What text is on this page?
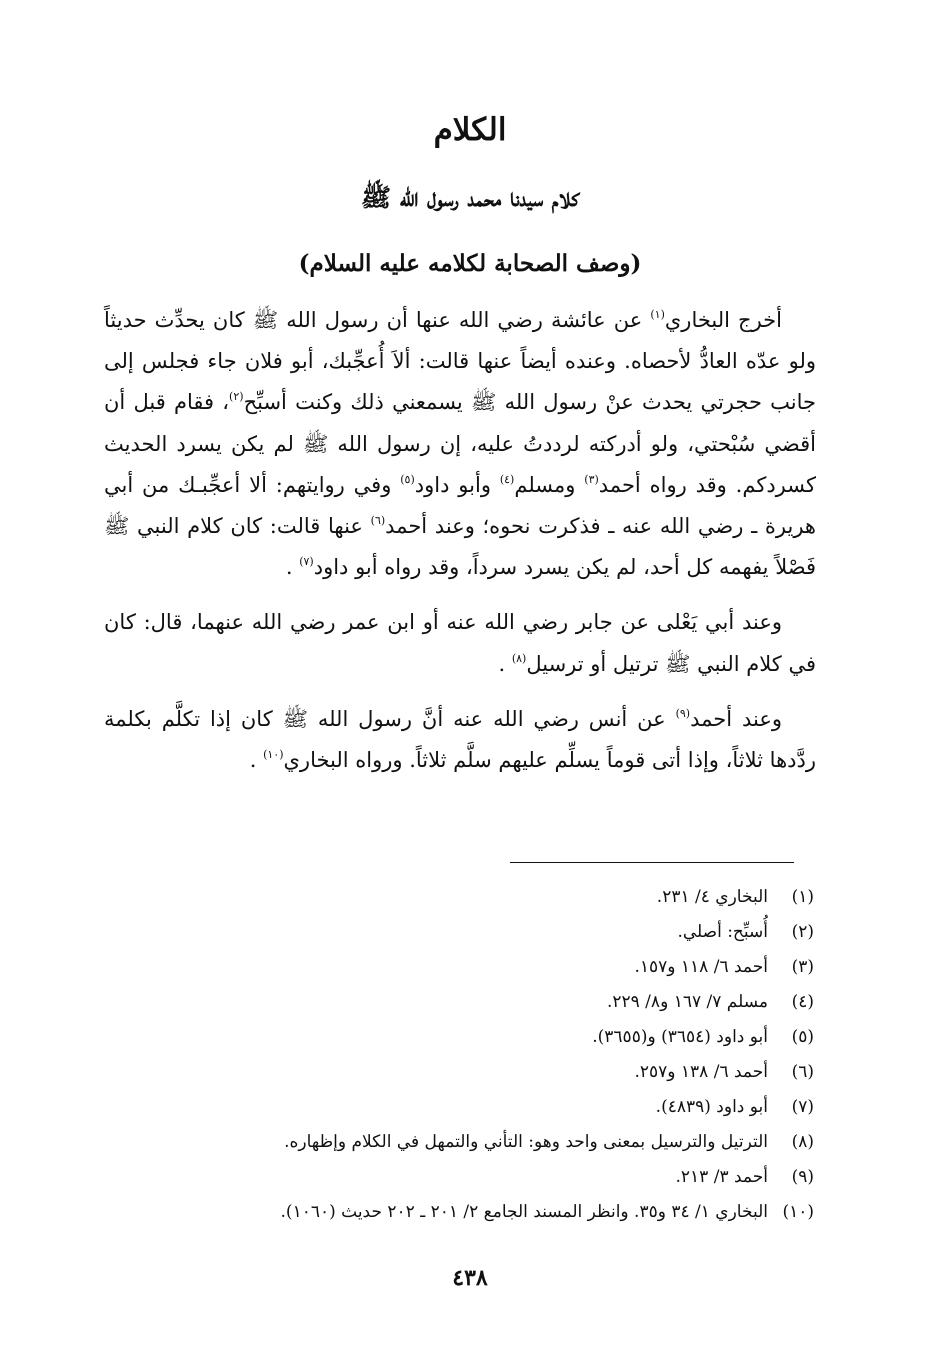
الكلام
كلام سيدنا محمد رسول الله ﷺ
(وصف الصحابة لكلامه عليه السلام)

أخرج البخاري$^{(١)}$ عن عائشة رضي الله عنها أن رسول الله ﷺ كان يحدِّث حديثاً ولو عدّه العادُّ لأحصاه. وعنده أيضاً عنها قالت: ألاَ أُعجِّبك، أبو فلان جاء فجلس إلى جانب حجرتي يحدث عنْ رسول الله ﷺ يسمعني ذلك وكنت أسبِّح$^{(٢)}$، فقام قبل أن أقضي سُبْحتي، ولو أدركته لرددتُ عليه، إن رسول الله ﷺ لم يكن يسرد الحديث كسردكم. وقد رواه أحمد$^{(٣)}$ ومسلم$^{(٤)}$ وأبو داود$^{(٥)}$ وفي روايتهم: ألا أعجِّبـك من أبي هريرة ـ رضي الله عنه ـ فذكرت نحوه؛ وعند أحمد$^{(٦)}$ عنها قالت: كان كلام النبي ﷺ فَصْلاً يفهمه كل أحد، لم يكن يسرد سرداً، وقد رواه أبو داود$^{(٧)}$ .

وعند أبي يَعْلى عن جابر رضي الله عنه أو ابن عمر رضي الله عنهما، قال: كان في كلام النبي ﷺ ترتيل أو ترسيل$^{(٨)}$ .

وعند أحمد$^{(٩)}$ عن أنس رضي الله عنه أنَّ رسول الله ﷺ كان إذا تكلَّم بكلمة ردَّدها ثلاثاً، وإذا أتى قوماً يسلِّم عليهم سلَّم ثلاثاً. ورواه البخاري$^{(١٠)}$ .

(١)البخاري ٤/ ٢٣١.
(٢)أُسبِّح: أصلي.
(٣)أحمد ٦/ ١١٨ و١٥٧.
(٤)مسلم ٧/ ١٦٧ و٨/ ٢٢٩.
(٥)أبو داود (٣٦٥٤) و(٣٦٥٥).
(٦)أحمد ٦/ ١٣٨ و٢٥٧.
(٧)أبو داود (٤٨٣٩).
(٨)الترتيل والترسيل بمعنى واحد وهو: التأني والتمهل في الكلام وإظهاره.
(٩)أحمد ٣/ ٢١٣.
(١٠)البخاري ١/ ٣٤ و٣٥. وانظر المسند الجامع ٢/ ٢٠١ ـ ٢٠٢ حديث (١٠٦٠).
٤٣٨
